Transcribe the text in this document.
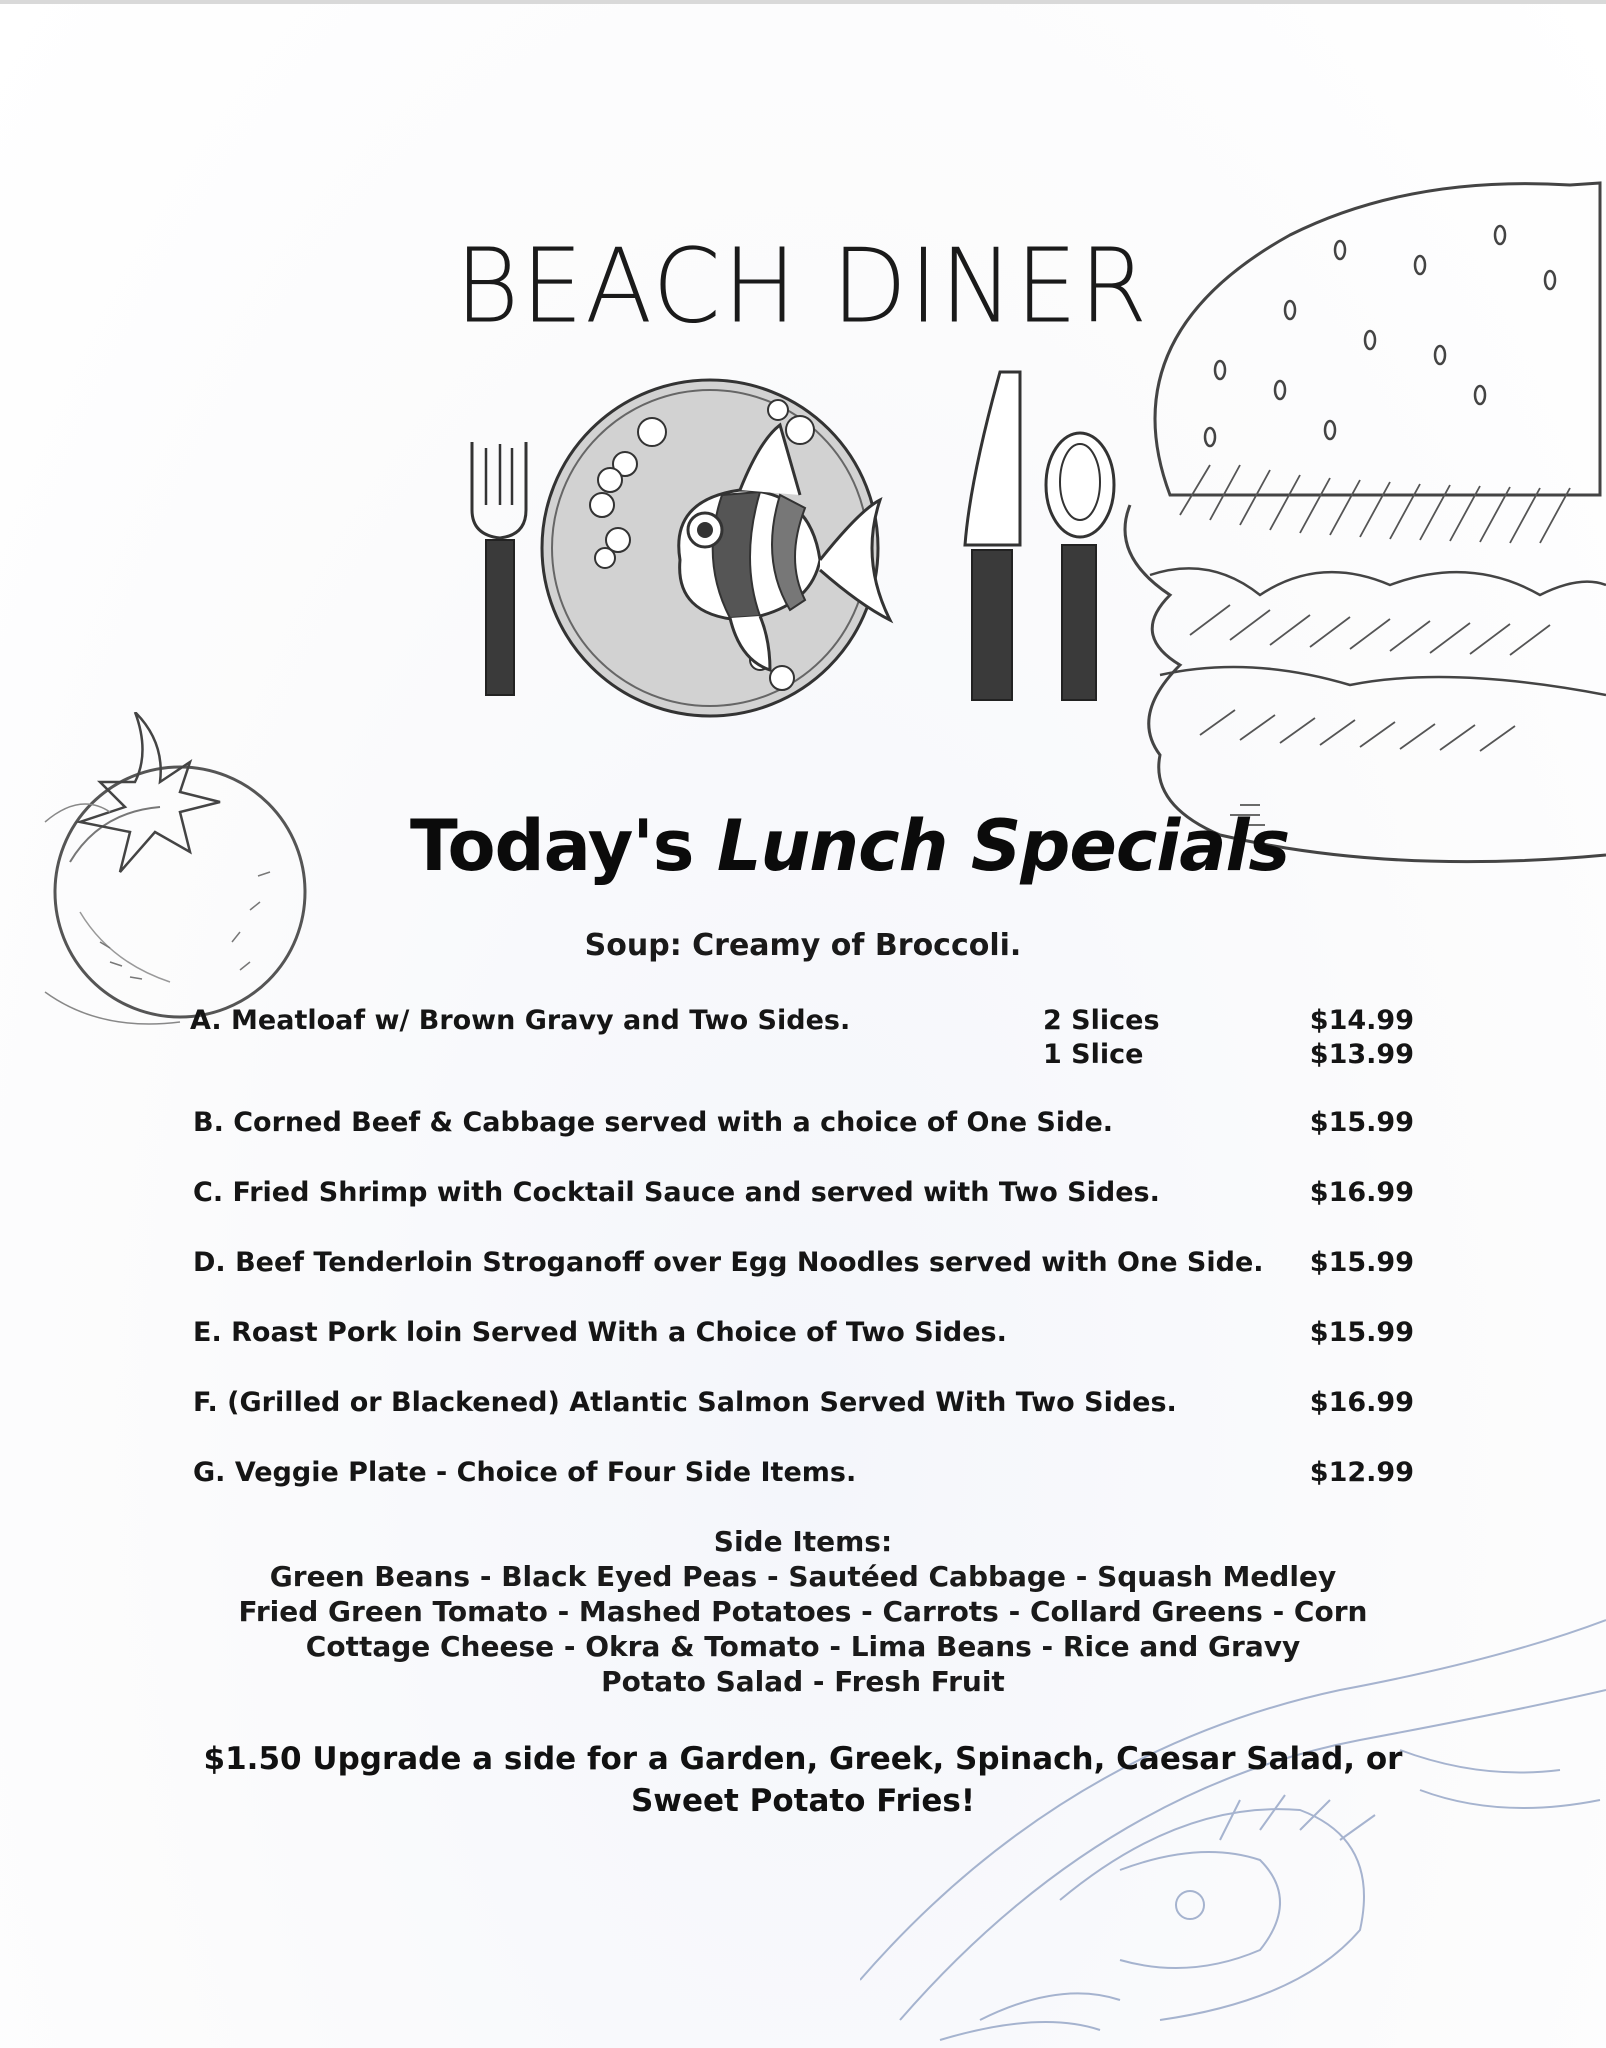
BEACH DINER
Today's Lunch Specials
Soup: Creamy of Broccoli.
A. Meatloaf w/ Brown Gravy and Two Sides.	2 Slices	$14.99
1 Slice	$13.99
B. Corned Beef & Cabbage served with a choice of One Side.	$15.99
C. Fried Shrimp with Cocktail Sauce and served with Two Sides.	$16.99
D. Beef Tenderloin Stroganoff over Egg Noodles served with One Side. $15.99
E. Roast Pork loin Served With a Choice of Two Sides.	$15.99
F. (Grilled or Blackened) Atlantic Salmon Served With Two Sides.	$16.99
G. Veggie Plate - Choice of Four Side Items.	$12.99
Side Items:
Green Beans - Black Eyed Peas - Sautéed Cabbage - Squash Medley
Fried Green Tomato - Mashed Potatoes - Carrots - Collard Greens - Corn
Cottage Cheese - Okra & Tomato - Lima Beans - Rice and Gravy
Potato Salad - Fresh Fruit
$1.50 Upgrade a side for a Garden, Greek, Spinach, Caesar Salad, or
Sweet Potato Fries!
